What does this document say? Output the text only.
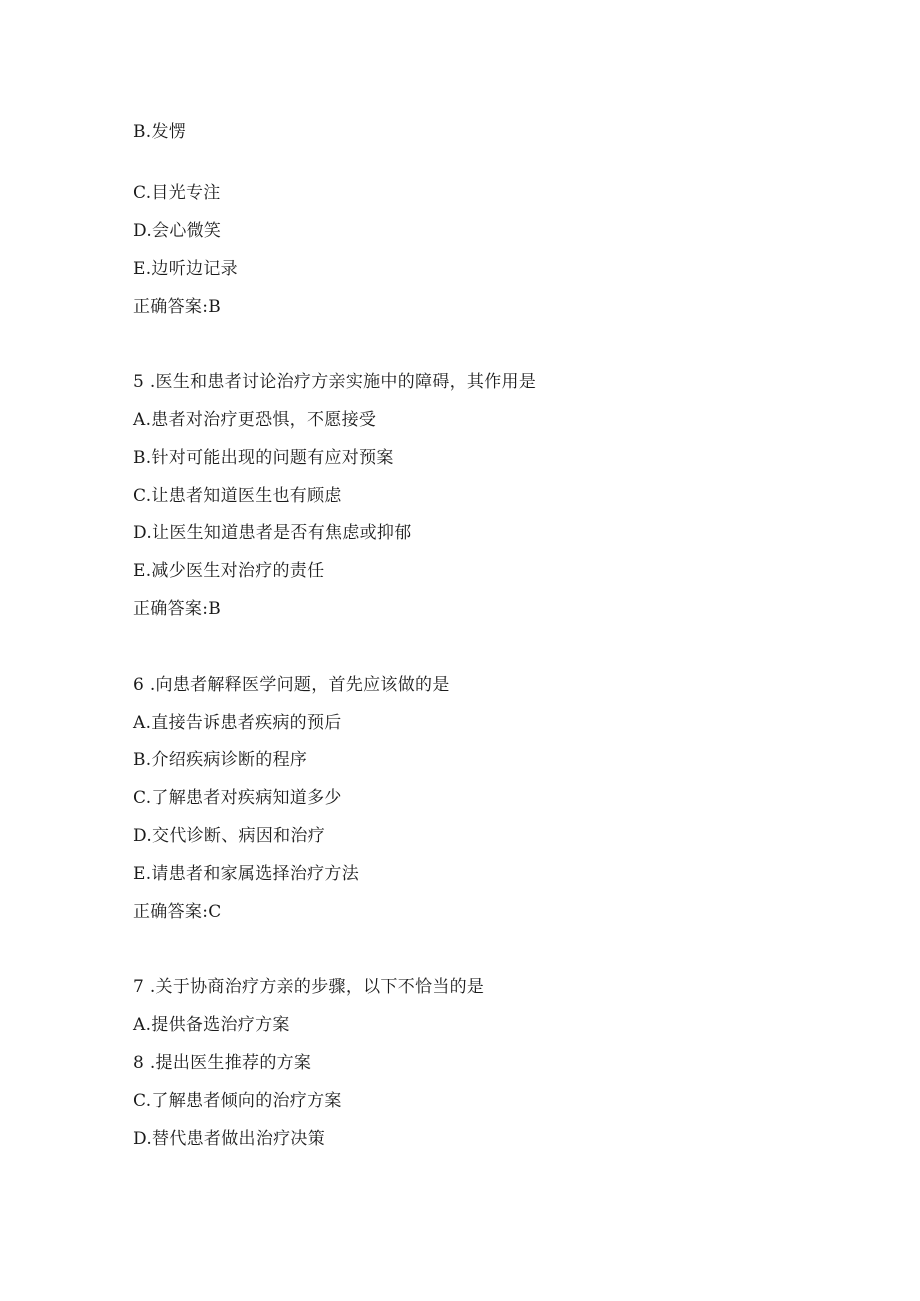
B.发愣
C.目光专注
D.会心微笑
E.边听边记录
正确答案:B
5 .医生和患者讨论治疗方亲实施中的障碍，其作用是
A.患者对治疗更恐惧，不愿接受
B.针对可能出现的问题有应对预案
C.让患者知道医生也有顾虑
D.让医生知道患者是否有焦虑或抑郁
E.减少医生对治疗的责任
正确答案:B
6 .向患者解释医学问题，首先应该做的是
A.直接告诉患者疾病的预后
B.介绍疾病诊断的程序
C.了解患者对疾病知道多少
D.交代诊断、病因和治疗
E.请患者和家属选择治疗方法
正确答案:C
7 .关于协商治疗方亲的步骤，以下不恰当的是
A.提供备选治疗方案
8 .提出医生推荐的方案
C.了解患者倾向的治疗方案
D.替代患者做出治疗决策
